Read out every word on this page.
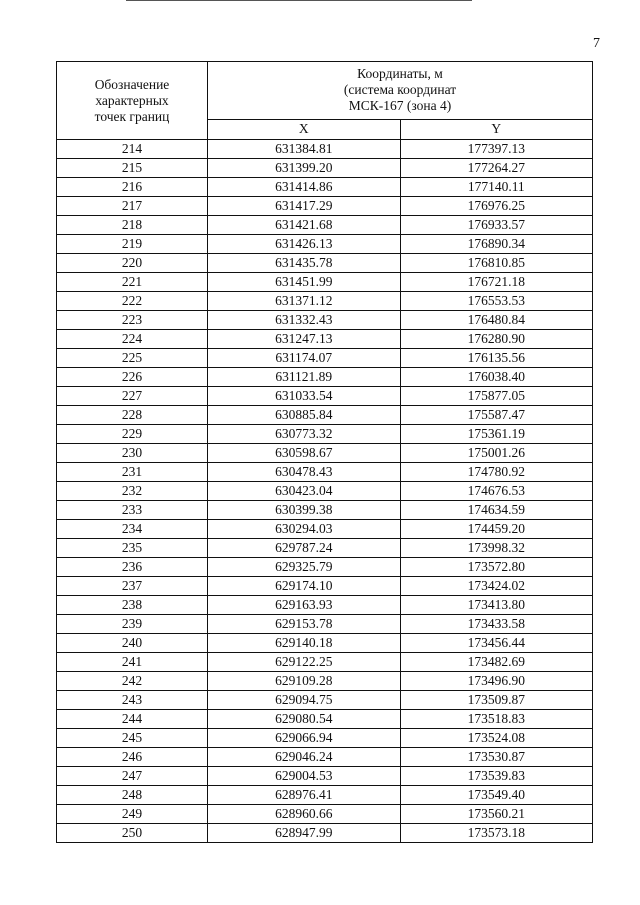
7
Обозначение
характерных
точек границ	Координаты, м
(система координат
МСК-167 (зона 4)	

	X	Y
214	631384.81	177397.13
215	631399.20	177264.27
216	631414.86	177140.11
217	631417.29	176976.25
218	631421.68	176933.57
219	631426.13	176890.34
220	631435.78	176810.85
221	631451.99	176721.18
222	631371.12	176553.53
223	631332.43	176480.84
224	631247.13	176280.90
225	631174.07	176135.56
226	631121.89	176038.40
227	631033.54	175877.05
228	630885.84	175587.47
229	630773.32	175361.19
230	630598.67	175001.26
231	630478.43	174780.92
232	630423.04	174676.53
233	630399.38	174634.59
234	630294.03	174459.20
235	629787.24	173998.32
236	629325.79	173572.80
237	629174.10	173424.02
238	629163.93	173413.80
239	629153.78	173433.58
240	629140.18	173456.44
241	629122.25	173482.69
242	629109.28	173496.90
243	629094.75	173509.87
244	629080.54	173518.83
245	629066.94	173524.08
246	629046.24	173530.87
247	629004.53	173539.83
248	628976.41	173549.40
249	628960.66	173560.21
250	628947.99	173573.18
